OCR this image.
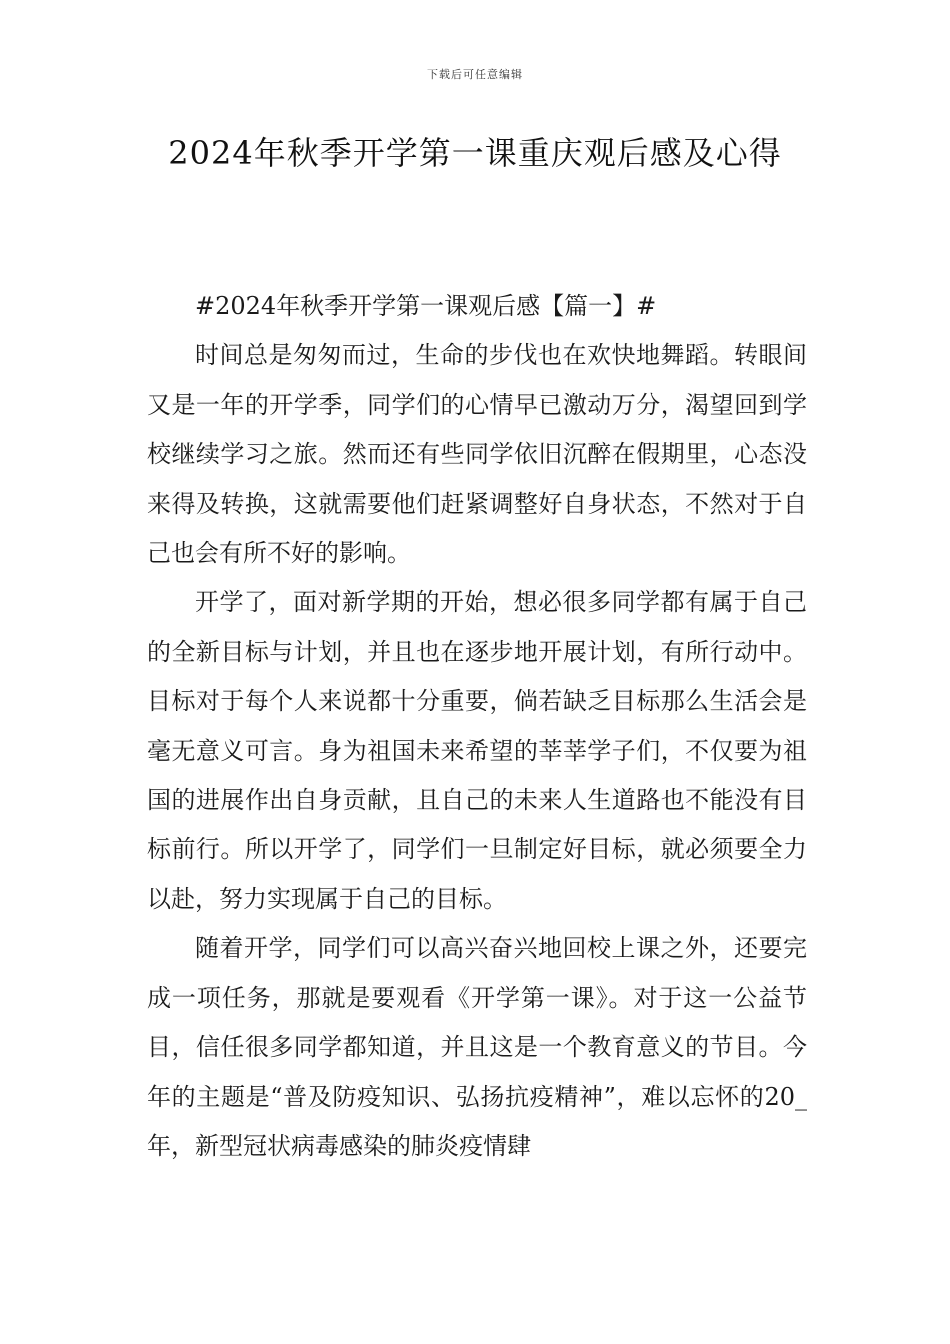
下载后可任意编辑
2024年秋季开学第一课重庆观后感及心得

#2024年秋季开学第一课观后感【篇一】#

时间总是匆匆而过，生命的步伐也在欢快地舞蹈。转眼间又是一年的开学季，同学们的心情早已激动万分，渴望回到学校继续学习之旅。然而还有些同学依旧沉醉在假期里，心态没来得及转换，这就需要他们赶紧调整好自身状态，不然对于自己也会有所不好的影响。

开学了，面对新学期的开始，想必很多同学都有属于自己的全新目标与计划，并且也在逐步地开展计划，有所行动中。目标对于每个人来说都十分重要，倘若缺乏目标那么生活会是毫无意义可言。身为祖国未来希望的莘莘学子们，不仅要为祖国的进展作出自身贡献，且自己的未来人生道路也不能没有目标前行。所以开学了，同学们一旦制定好目标，就必须要全力以赴，努力实现属于自己的目标。

随着开学，同学们可以高兴奋兴地回校上课之外，还要完成一项任务，那就是要观看《开学第一课》。对于这一公益节目，信任很多同学都知道，并且这是一个教育意义的节目。今年的主题是“普及防疫知识、弘扬抗疫精神”，难以忘怀的20_年，新型冠状病毒感染的肺炎疫情肆
